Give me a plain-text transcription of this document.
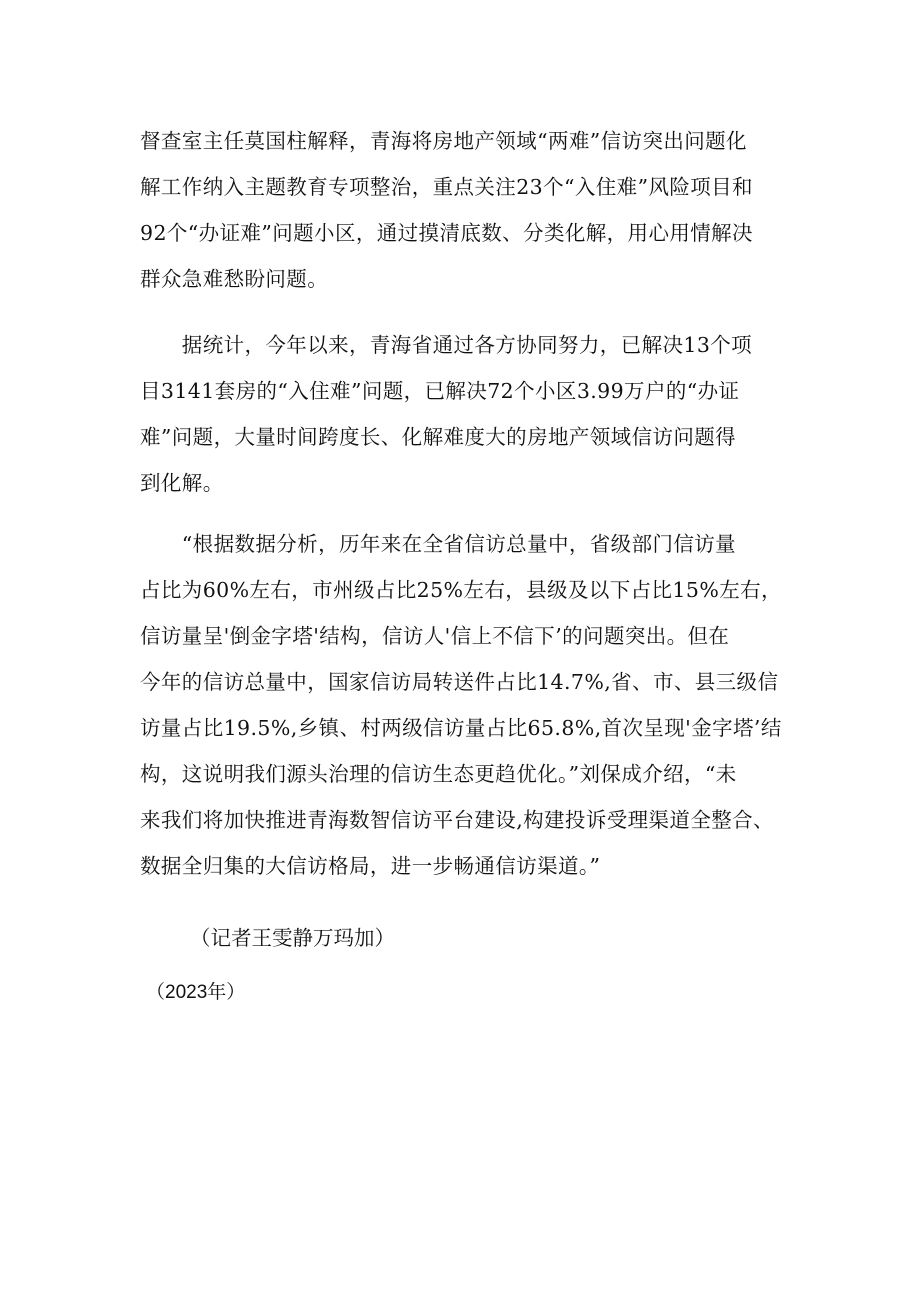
督查室主任莫国柱解释，青海将房地产领域“两难”信访突出问题化
解工作纳入主题教育专项整治，重点关注23个“入住难”风险项目和
92个“办证难”问题小区，通过摸清底数、分类化解，用心用情解决
群众急难愁盼问题。
　　据统计，今年以来，青海省通过各方协同努力，已解决13个项
目3141套房的“入住难”问题，已解决72个小区3.99万户的“办证
难”问题，大量时间跨度长、化解难度大的房地产领域信访问题得
到化解。
　　“根据数据分析，历年来在全省信访总量中，省级部门信访量
占比为60%左右，市州级占比25%左右，县级及以下占比15%左右，
信访量呈'倒金字塔'结构，信访人'信上不信下’的问题突出。但在
今年的信访总量中，国家信访局转送件占比14.7%,省、市、县三级信
访量占比19.5%,乡镇、村两级信访量占比65.8%,首次呈现'金字塔’结
构，这说明我们源头治理的信访生态更趋优化。”刘保成介绍，“未
来我们将加快推进青海数智信访平台建设,构建投诉受理渠道全整合、
数据全归集的大信访格局，进一步畅通信访渠道。”

（记者王雯静万玛加）

（2023年）
